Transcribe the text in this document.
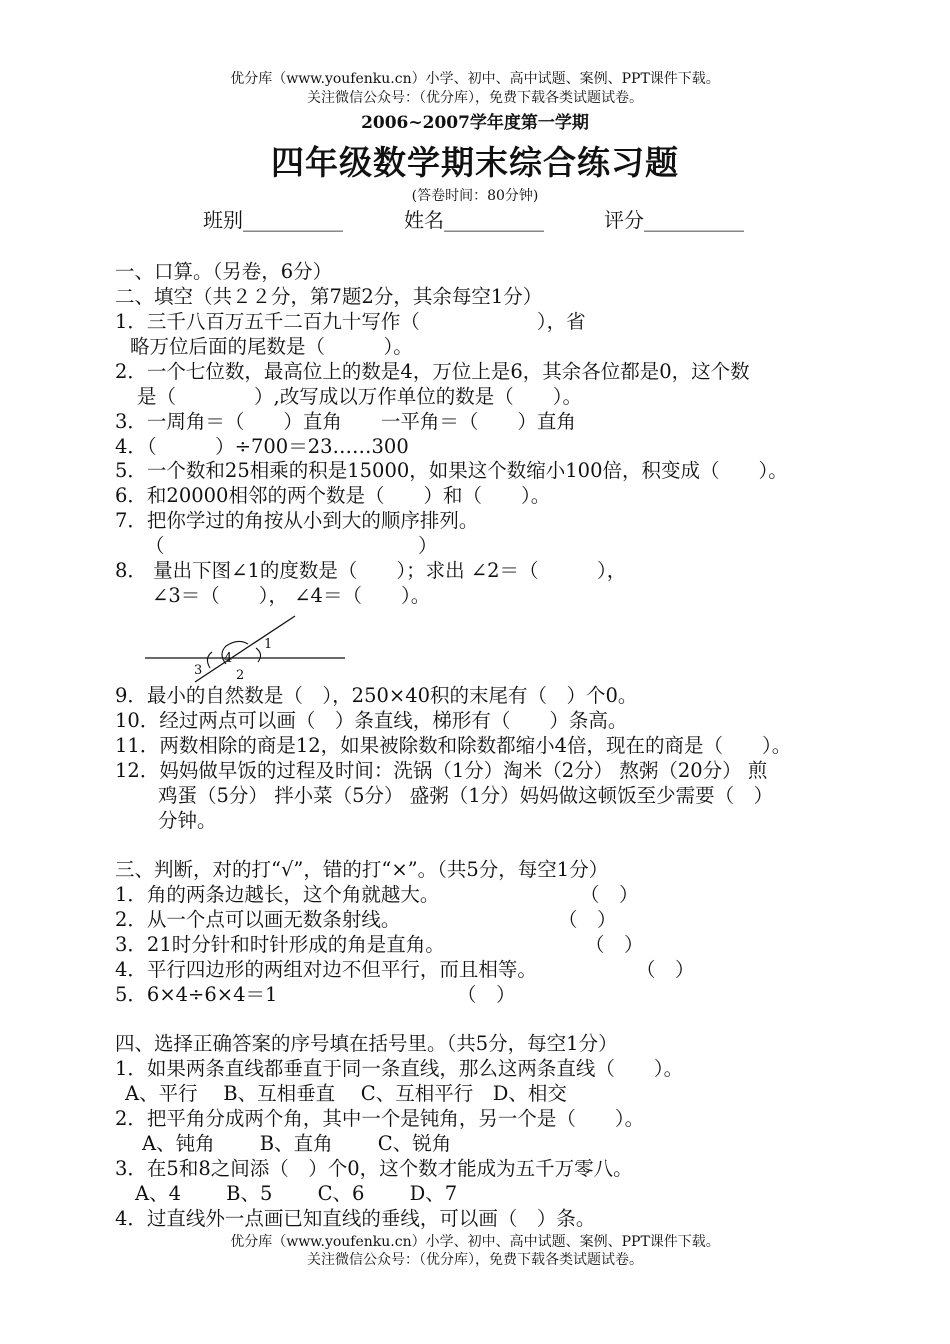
优分库（www.youfenku.cn）小学、初中、高中试题、案例、PPT课件下载。
关注微信公众号：（优分库），免费下载各类试题试卷。
2006~2007学年度第一学期
四年级数学期末综合练习题
(答卷时间：80分钟)
班别__________	姓名__________	评分__________
一、口算。（另卷，6分）
二、填空（共２２分，第7题2分，其余每空1分）
1．三千八百万五千二百九十写作（　　　　　　），省
略万位后面的尾数是（　　　）。
2．一个七位数，最高位上的数是4，万位上是6，其余各位都是0，这个数
是（　　　　）,改写成以万作单位的数是（　　）。
3．一周角＝（　　）直角　　一平角＝（　　）直角
4．（　　　）÷700＝23……300
5．一个数和25相乘的积是15000，如果这个数缩小100倍，积变成（　　）。
6．和20000相邻的两个数是（　　）和（　　）。
7．把你学过的角按从小到大的顺序排列。
（　　　　　　　　　　　　　）
8． 量出下图∠1的度数是（　　）；求出 ∠2＝（　　　），
∠3＝（　　）， ∠4＝（　　）。
1
2
3
4
9．最小的自然数是（　），250×40积的末尾有（　）个0。
10．经过两点可以画（　）条直线，梯形有（　　）条高。
11．两数相除的商是12，如果被除数和除数都缩小4倍，现在的商是（　　）。
12．妈妈做早饭的过程及时间：洗锅（1分）淘米（2分） 熬粥（20分） 煎
鸡蛋（5分） 拌小菜（5分） 盛粥（1分）妈妈做这顿饭至少需要（　）
分钟。
三、判断，对的打“√”，错的打“×”。（共5分，每空1分）
1．角的两条边越长，这个角就越大。	（　）
2．从一个点可以画无数条射线。	（　）
3．21时分针和时针形成的角是直角。	（　）
4．平行四边形的两组对边不但平行，而且相等。	（　）
5．6×4÷6×4＝1	（　）
四、选择正确答案的序号填在括号里。（共5分，每空1分）
1．如果两条直线都垂直于同一条直线，那么这两条直线（　　）。
A、平行　 B、互相垂直　 C、互相平行　D、相交
2．把平角分成两个角，其中一个是钝角，另一个是（　　）。
A、钝角　　 B、直角　　 C、锐角
3．在5和8之间添（　）个0，这个数才能成为五千万零八。
A、4　　 B、5　　 C、6　　 D、7
4．过直线外一点画已知直线的垂线，可以画（　）条。
优分库（www.youfenku.cn）小学、初中、高中试题、案例、PPT课件下载。
关注微信公众号：（优分库），免费下载各类试题试卷。
